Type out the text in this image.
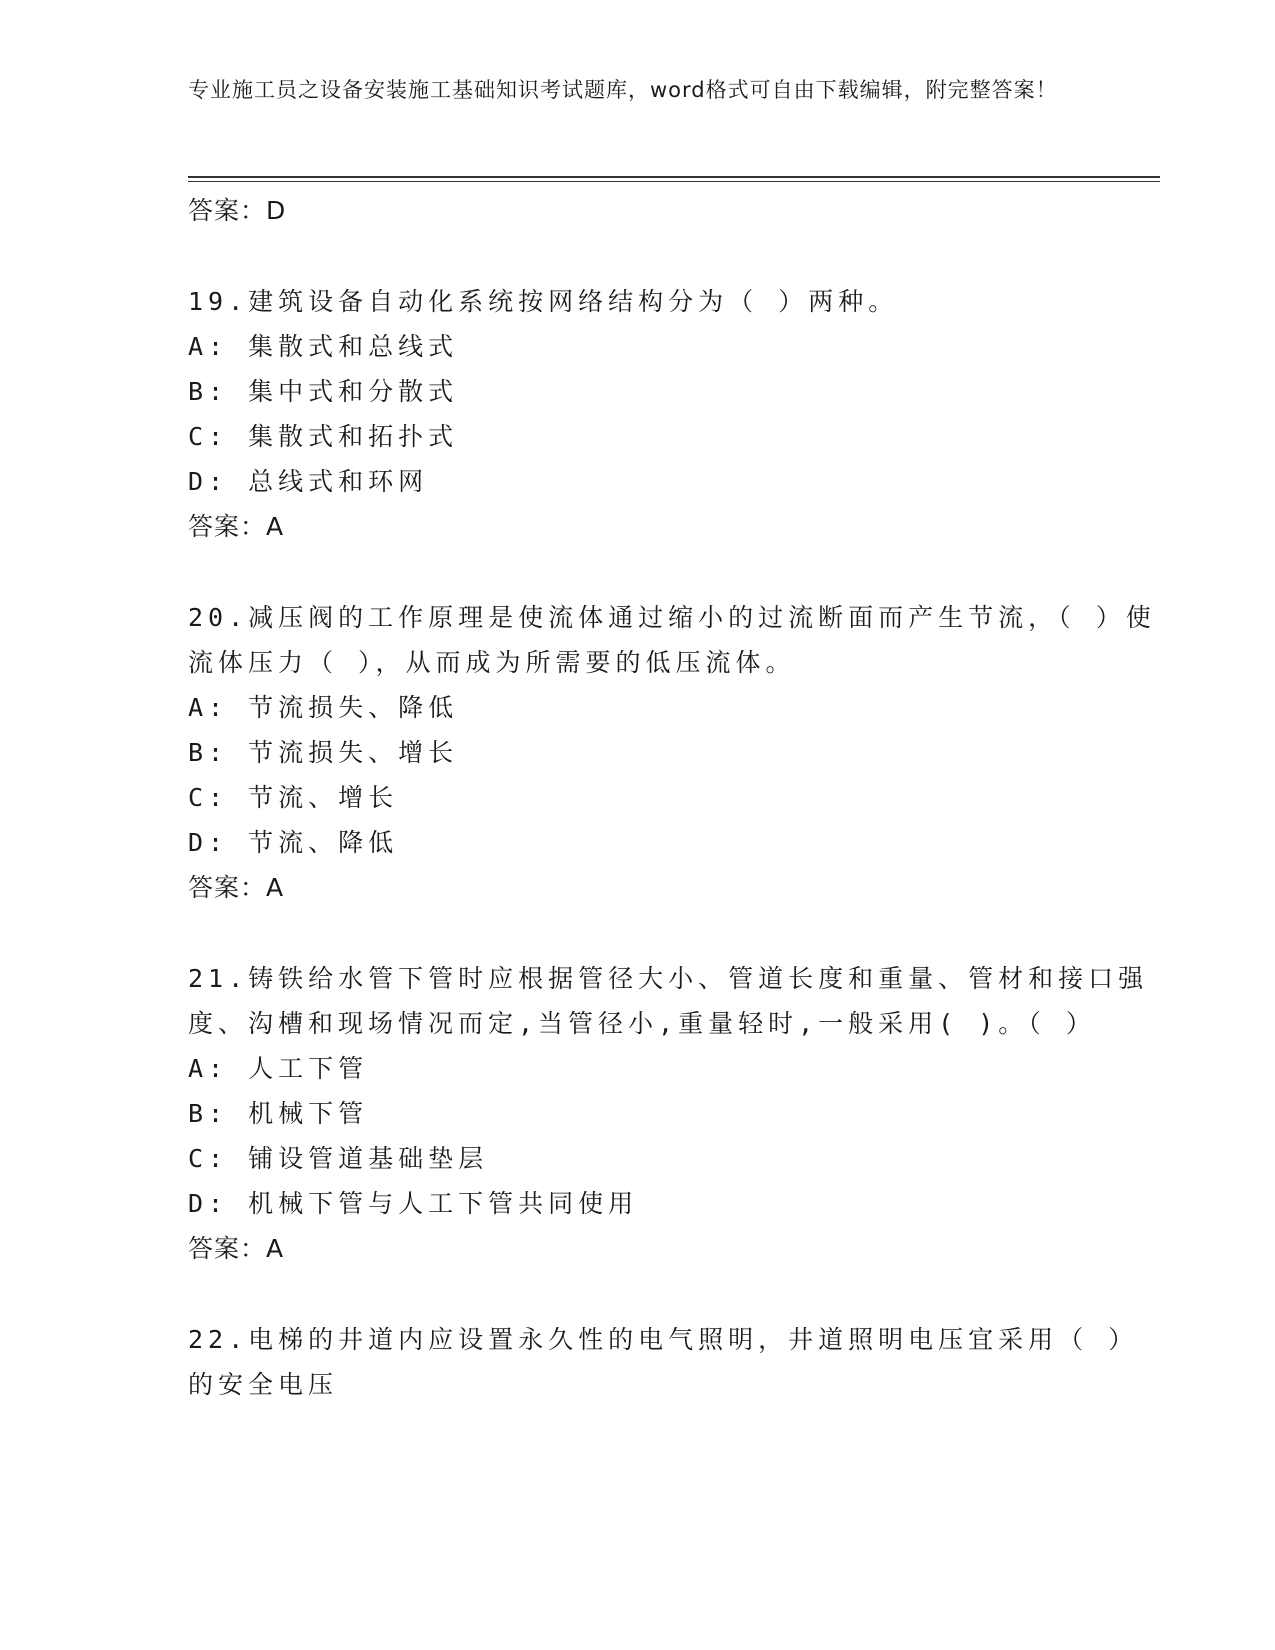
专业施工员之设备安装施工基础知识考试题库，word格式可自由下载编辑，附完整答案！
答案：D
19.建筑设备自动化系统按网络结构分为（ ）两种。
A: 集散式和总线式
B: 集中式和分散式
C: 集散式和拓扑式
D: 总线式和环网
答案：A
20.减压阀的工作原理是使流体通过缩小的过流断面而产生节流，（ ）使流体压力（ ），从而成为所需要的低压流体。
A: 节流损失、降低
B: 节流损失、增长
C: 节流、增长
D: 节流、降低
答案：A
21.铸铁给水管下管时应根据管径大小、管道长度和重量、管材和接口强度、沟槽和现场情况而定,当管径小,重量轻时,一般采用( )。（ ）
A: 人工下管
B: 机械下管
C: 铺设管道基础垫层
D: 机械下管与人工下管共同使用
答案：A
22.电梯的井道内应设置永久性的电气照明，井道照明电压宜采用（ ）的安全电压
